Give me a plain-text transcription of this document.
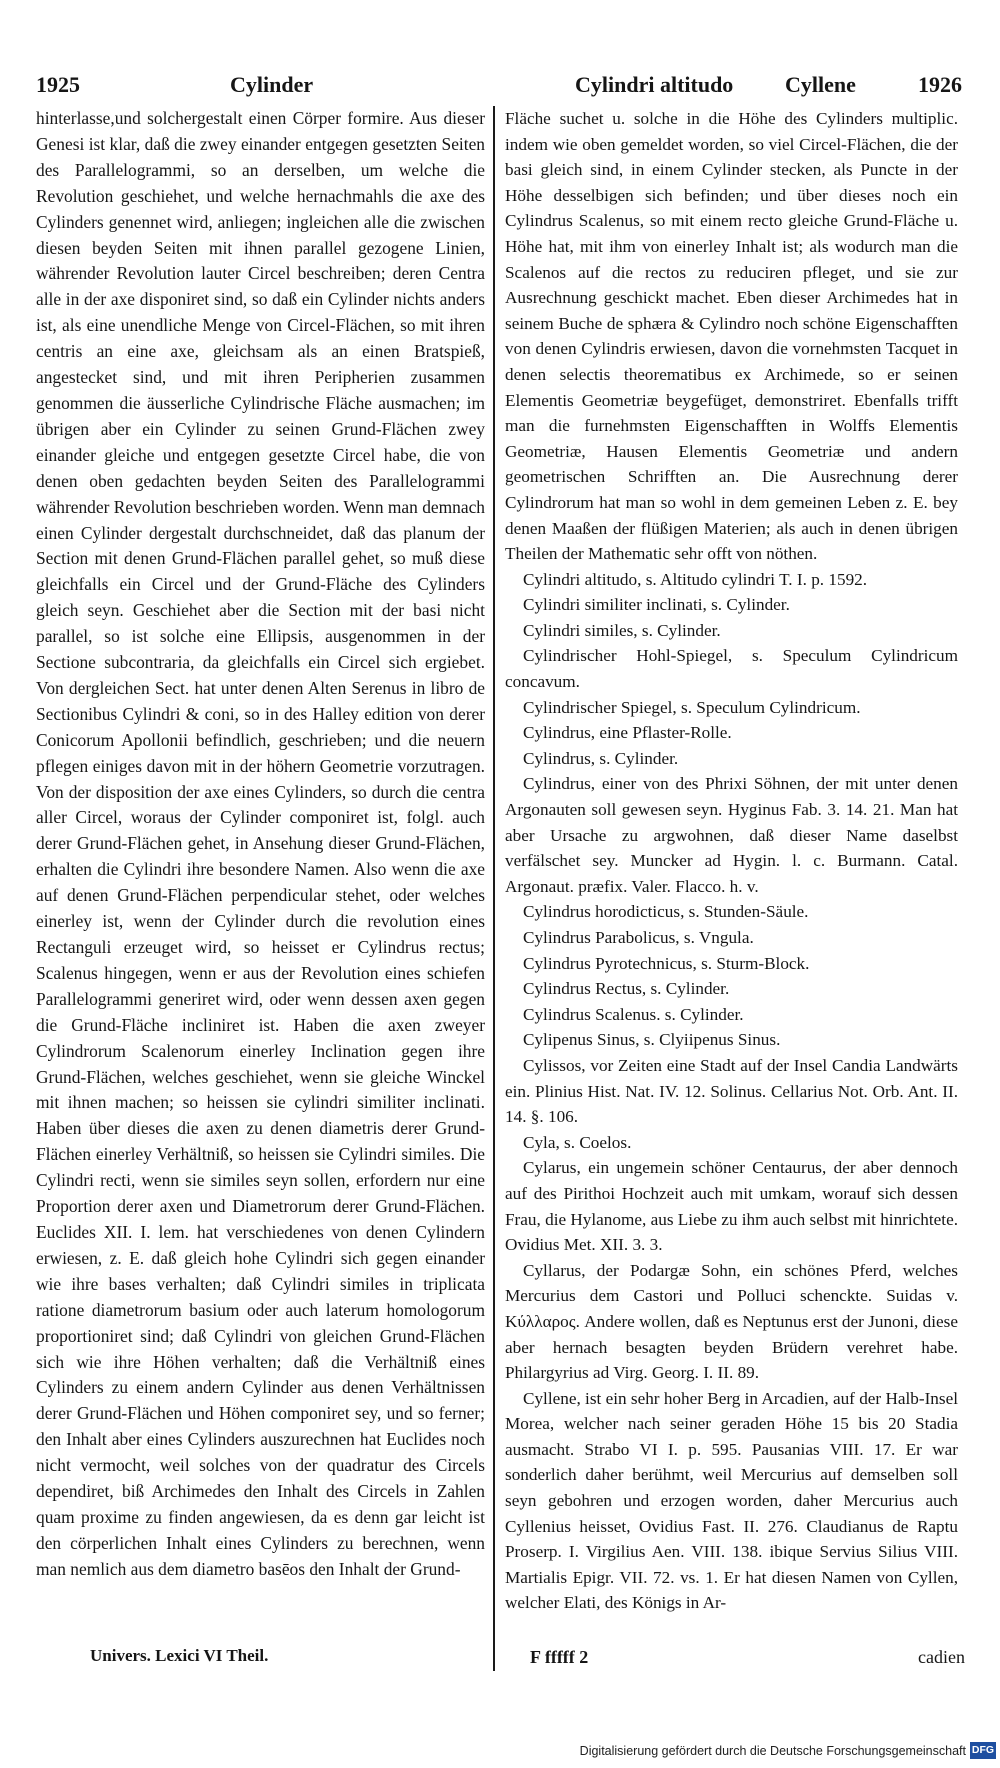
1925	Cylinder	Cylindri altitudo Cyllene	1926

hinterlasse,und solchergestalt einen Cörper formire. Aus dieser Genesi ist klar, daß die zwey einander entgegen gesetzten Seiten des Parallelogrammi, so an derselben, um welche die Revolution geschiehet, und welche hernachmahls die axe des Cylinders genennet wird, anliegen; ingleichen alle die zwischen diesen beyden Seiten mit ihnen parallel gezogene Linien, währender Revolution lauter Circel beschreiben; deren Centra alle in der axe disponiret sind, so daß ein Cylinder nichts anders ist, als eine unendliche Menge von Circel-Flächen, so mit ihren centris an eine axe, gleichsam als an einen Bratspieß, angestecket sind, und mit ihren Peripherien zusammen genommen die äusserliche Cylindrische Fläche ausmachen; im übrigen aber ein Cylinder zu seinen Grund-Flächen zwey einander gleiche und entgegen gesetzte Circel habe, die von denen oben gedachten beyden Seiten des Parallelogrammi währender Revolution beschrieben worden. Wenn man demnach einen Cylinder dergestalt durchschneidet, daß das planum der Section mit denen Grund-Flächen parallel gehet, so muß diese gleichfalls ein Circel und der Grund-Fläche des Cylinders gleich seyn. Geschiehet aber die Section mit der basi nicht parallel, so ist solche eine Ellipsis, ausgenommen in der Sectione subcontraria, da gleichfalls ein Circel sich ergiebet. Von dergleichen Sect. hat unter denen Alten Serenus in libro de Sectionibus Cylindri & coni, so in des Halley edition von derer Conicorum Apollonii befindlich, geschrieben; und die neuern pflegen einiges davon mit in der höhern Geometrie vorzutragen. Von der disposition der axe eines Cylinders, so durch die centra aller Circel, woraus der Cylinder componiret ist, folgl. auch derer Grund-Flächen gehet, in Ansehung dieser Grund-Flächen, erhalten die Cylindri ihre besondere Namen. Also wenn die axe auf denen Grund-Flächen perpendicular stehet, oder welches einerley ist, wenn der Cylinder durch die revolution eines Rectanguli erzeuget wird, so heisset er Cylindrus rectus; Scalenus hingegen, wenn er aus der Revolution eines schiefen Parallelogrammi generiret wird, oder wenn dessen axen gegen die Grund-Fläche incliniret ist. Haben die axen zweyer Cylindrorum Scalenorum einerley Inclination gegen ihre Grund-Flächen, welches geschiehet, wenn sie gleiche Winckel mit ihnen machen; so heissen sie cylindri similiter inclinati. Haben über dieses die axen zu denen diametris derer Grund-Flächen einerley Verhältniß, so heissen sie Cylindri similes. Die Cylindri recti, wenn sie similes seyn sollen, erfordern nur eine Proportion derer axen und Diametrorum derer Grund-Flächen. Euclides XII. I. lem. hat verschiedenes von denen Cylindern erwiesen, z. E. daß gleich hohe Cylindri sich gegen einander wie ihre bases verhalten; daß Cylindri similes in triplicata ratione diametrorum basium oder auch laterum homologorum proportioniret sind; daß Cylindri von gleichen Grund-Flächen sich wie ihre Höhen verhalten; daß die Verhältniß eines Cylinders zu einem andern Cylinder aus denen Verhältnissen derer Grund-Flächen und Höhen componiret sey, und so ferner; den Inhalt aber eines Cylinders auszurechnen hat Euclides noch nicht vermocht, weil solches von der quadratur des Circels dependiret, biß Archimedes den Inhalt des Circels in Zahlen quam proxime zu finden angewiesen, da es denn gar leicht ist den cörperlichen Inhalt eines Cylinders zu berechnen, wenn man nemlich aus dem diametro basēos den Inhalt der Grund-

Fläche suchet u. solche in die Höhe des Cylinders multiplic. indem wie oben gemeldet worden, so viel Circel-Flächen, die der basi gleich sind, in einem Cylinder stecken, als Puncte in der Höhe desselbigen sich befinden; und über dieses noch ein Cylindrus Scalenus, so mit einem recto gleiche Grund-Fläche u. Höhe hat, mit ihm von einerley Inhalt ist; als wodurch man die Scalenos auf die rectos zu reduciren pfleget, und sie zur Ausrechnung geschickt machet. Eben dieser Archimedes hat in seinem Buche de sphæra & Cylindro noch schöne Eigenschafften von denen Cylindris erwiesen, davon die vornehmsten Tacquet in denen selectis theorematibus ex Archimede, so er seinen Elementis Geometriæ beygefüget, demonstriret. Ebenfalls trifft man die furnehmsten Eigenschafften in Wolffs Elementis Geometriæ, Hausen Elementis Geometriæ und andern geometrischen Schrifften an. Die Ausrechnung derer Cylindrorum hat man so wohl in dem gemeinen Leben z. E. bey denen Maaßen der flüßigen Materien; als auch in denen übrigen Theilen der Mathematic sehr offt von nöthen.

Cylindri altitudo, s. Altitudo cylindri T. I. p. 1592.

Cylindri similiter inclinati, s. Cylinder.

Cylindri similes, s. Cylinder.

Cylindrischer Hohl-Spiegel, s. Speculum Cylindricum concavum.

Cylindrischer Spiegel, s. Speculum Cylindricum.

Cylindrus, eine Pflaster-Rolle.

Cylindrus, s. Cylinder.

Cylindrus, einer von des Phrixi Söhnen, der mit unter denen Argonauten soll gewesen seyn. Hyginus Fab. 3. 14. 21. Man hat aber Ursache zu argwohnen, daß dieser Name daselbst verfälschet sey. Muncker ad Hygin. l. c. Burmann. Catal. Argonaut. præfix. Valer. Flacco. h. v.

Cylindrus horodicticus, s. Stunden-Säule.

Cylindrus Parabolicus, s. Vngula.

Cylindrus Pyrotechnicus, s. Sturm-Block.

Cylindrus Rectus, s. Cylinder.

Cylindrus Scalenus. s. Cylinder.

Cylipenus Sinus, s. Clyiipenus Sinus.

Cylissos, vor Zeiten eine Stadt auf der Insel Candia Landwärts ein. Plinius Hist. Nat. IV. 12. Solinus. Cellarius Not. Orb. Ant. II. 14. §. 106.

Cyla, s. Coelos.

Cylarus, ein ungemein schöner Centaurus, der aber dennoch auf des Pirithoi Hochzeit auch mit umkam, worauf sich dessen Frau, die Hylanome, aus Liebe zu ihm auch selbst mit hinrichtete. Ovidius Met. XII. 3. 3.

Cyllarus, der Podargæ Sohn, ein schönes Pferd, welches Mercurius dem Castori und Polluci schenckte. Suidas v. Κύλλαρος. Andere wollen, daß es Neptunus erst der Junoni, diese aber hernach besagten beyden Brüdern verehret habe. Philargyrius ad Virg. Georg. I. II. 89.

Cyllene, ist ein sehr hoher Berg in Arcadien, auf der Halb-Insel Morea, welcher nach seiner geraden Höhe 15 bis 20 Stadia ausmacht. Strabo VI I. p. 595. Pausanias VIII. 17. Er war sonderlich daher berühmt, weil Mercurius auf demselben soll seyn gebohren und erzogen worden, daher Mercurius auch Cyllenius heisset, Ovidius Fast. II. 276. Claudianus de Raptu Proserp. I. Virgilius Aen. VIII. 138. ibique Servius Silius VIII. Martialis Epigr. VII. 72. vs. 1. Er hat diesen Namen von Cyllen, welcher Elati, des Königs in Ar-

Univers. Lexici VI Theil.	F fffff 2	cadien
Digitalisierung gefördert durch die Deutsche Forschungsgemeinschaft DFG
